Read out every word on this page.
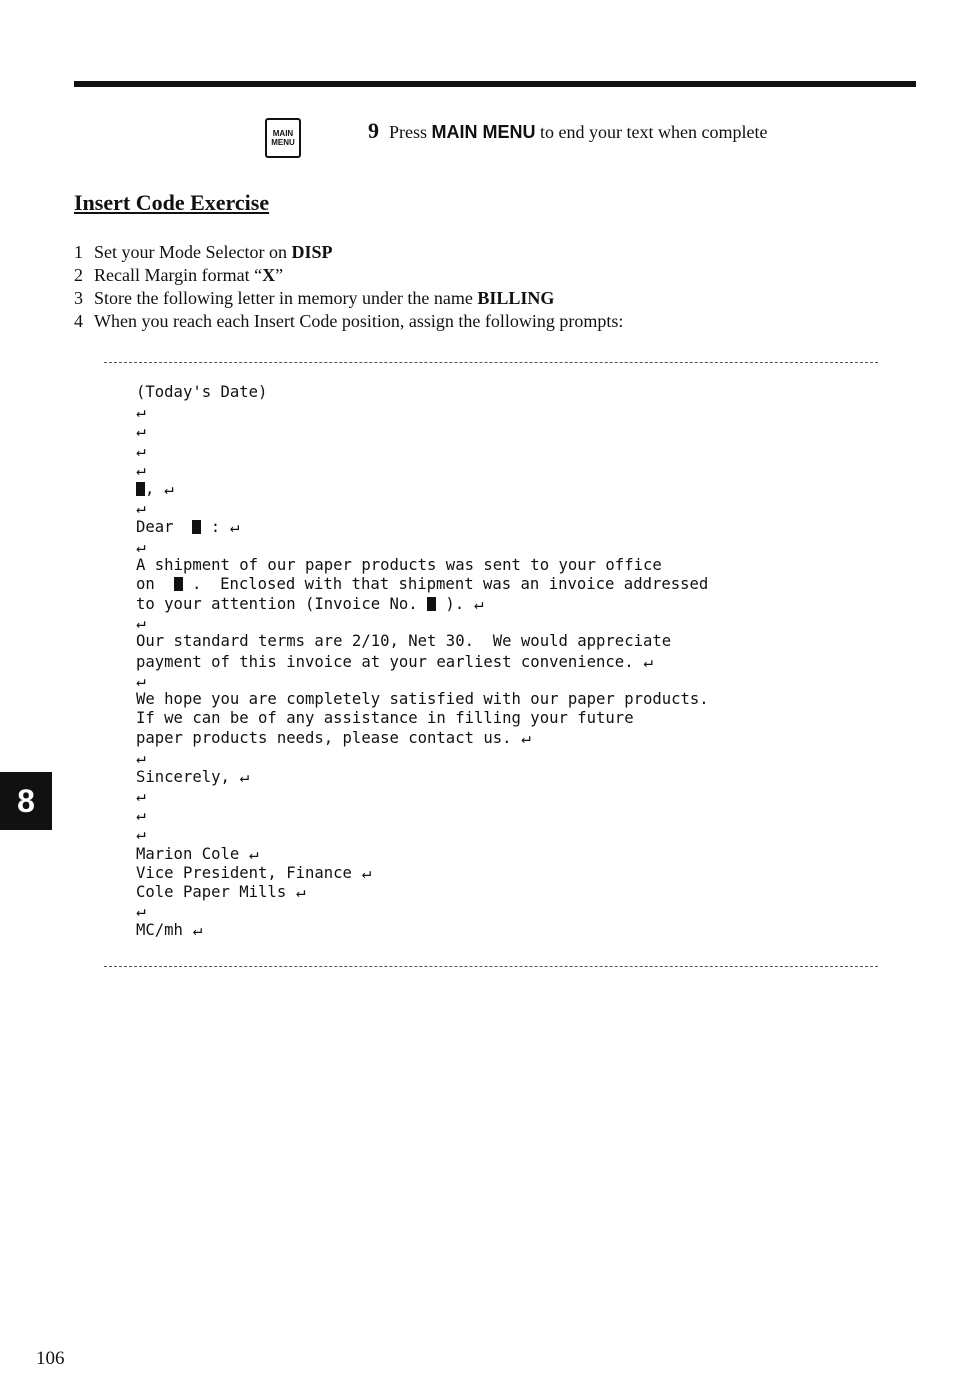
MAIN
MENU	9 Press MAIN MENU to end your text when complete
Insert Code Exercise
1 Set your Mode Selector on DISP
2 Recall Margin format “X”
3 Store the following letter in memory under the name BILLING
4 When you reach each Insert Code position, assign the following prompts:
(Today's Date)
↵
↵
↵
↵
, ↵
↵
Dear   : ↵
↵
A shipment of our paper products was sent to your office
on   .  Enclosed with that shipment was an invoice addressed
to your attention (Invoice No.  ). ↵
↵
Our standard terms are 2/10, Net 30.  We would appreciate
payment of this invoice at your earliest convenience. ↵
↵
We hope you are completely satisfied with our paper products.
If we can be of any assistance in filling your future
paper products needs, please contact us. ↵
↵
Sincerely, ↵
↵
↵
↵
Marion Cole ↵
Vice President, Finance ↵
Cole Paper Mills ↵
↵
MC/mh ↵
8
106
